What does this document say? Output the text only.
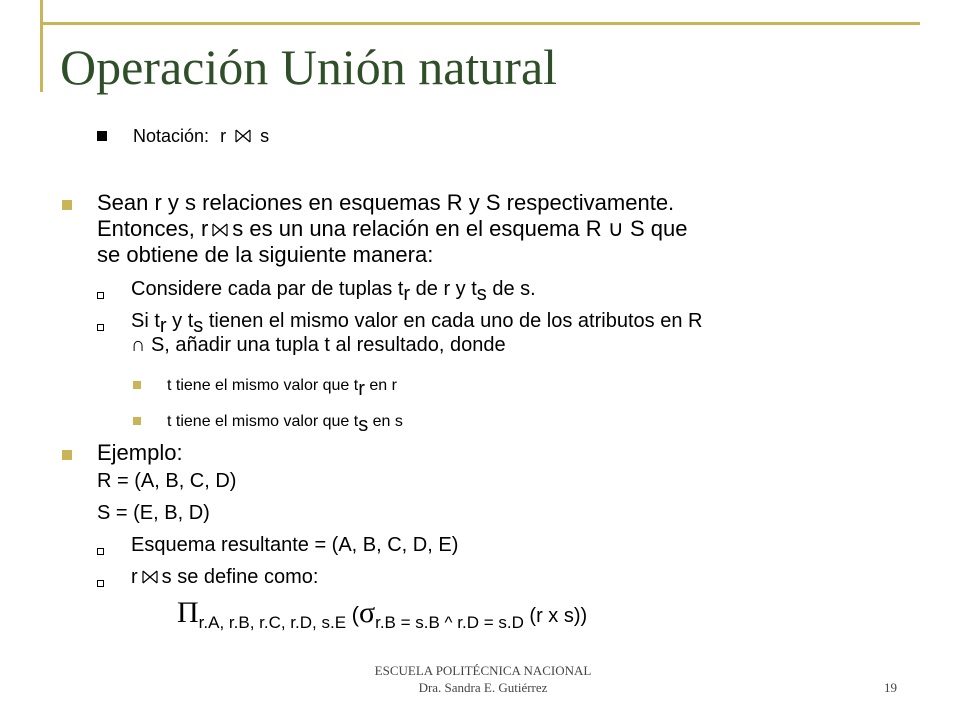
Operación Unión natural
Notación: r s
Sean r y s relaciones en esquemas R y S respectivamente.
Entonces, r s es un una relación en el esquema R ∪ S que
se obtiene de la siguiente manera:
Considere cada par de tuplas $t_r$ de r y $t_s$ de s.
Si $t_r$ y $t_s$ tienen el mismo valor en cada uno de los atributos en R
∩ S, añadir una tupla t al resultado, donde
t tiene el mismo valor que $t_r$ en r
t tiene el mismo valor que $t_s$ en s
Ejemplo:
R = (A, B, C, D)
S = (E, B, D)
Esquema resultante = (A, B, C, D, E)
r s se define como:
$\Pi_{r.A, r.B, r.C, r.D, s.E}$ ($\sigma_{r.B = s.B \^{} r.D = s.D}$ (r x s))
ESCUELA POLITÉCNICA NACIONAL
Dra. Sandra E. Gutiérrez	19
